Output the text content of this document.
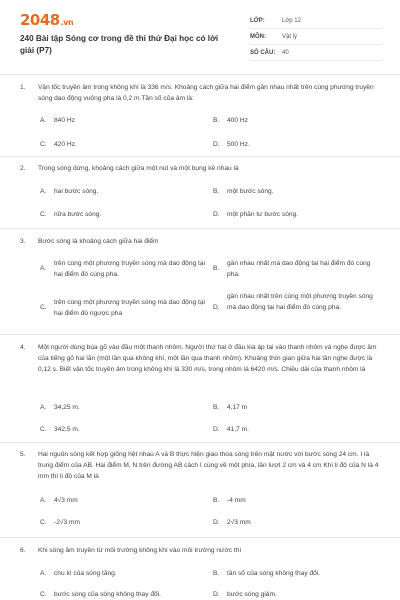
2048.vn
240 Bài tập Sóng cơ trong đề thi thử Đại học có lời giải (P7)
LỚP:	Lớp 12
MÔN:	Vật lý
SỐ CÂU:	40
1.	Vận tốc truyền âm trong không khí là 336 m/s. Khoảng cách giữa hai điểm gần nhau nhất trên cùng phương truyền sóng dao động vuông pha là 0,2 m.Tần số của âm là:
A. 840 Hz	B. 400 Hz
C. 420 Hz.	D. 500 Hz.
2.	Trong sóng dừng, khoảng cách giữa một nút và một bụng kề nhau là
A. hai bước sóng.	B. một bước sóng.
C. nửa bước sóng.	D. một phần tư bước sóng.
3.	Bước sóng là khoảng cách giữa hai điểm
A.
trên cùng một phương truyền sóng mà dao động tại hai điểm đó cùng pha.
B.
gần nhau nhất mà dao động tại hai điểm đó cùng pha.
C.
trên cùng một phương truyền sóng mà dao động tại hai điểm đó ngược pha
D.
gần nhau nhất trên cùng một phương truyền sóng mà dao động tại hai điểm đó cùng pha.
4.	Một người dùng búa gõ vào đầu một thanh nhôm. Người thứ hai ở đầu kia áp tai vào thanh nhôm và nghe được âm của tiếng gõ hai lần (một lần qua không khí, một lần qua thanh nhôm). Khoảng thời gian giữa hai lần nghe được là 0,12 s. Biết vận tốc truyền âm trong không khí là 330 m/s, trong nhôm là 6420 m/s. Chiều dài của thanh nhôm là
A. 34,25 m.	B. 4,17 m
C. 342,5 m.	D. 41,7 m.
5.	Hai nguồn sóng kết hợp giống hệt nhau A và B thực hiện giao thoa sóng trên mặt nước với bước sóng 24 cm. I là trung điểm của AB. Hai điểm M, N trên đường AB cách I cùng về một phía, lần lượt 2 cm và 4 cm Khi li độ của N là 4 mm thì li độ của M là
A. 4√3 mm	B. -4 mm
C. -2√3 mm	D. 2√3 mm
6.	Khi sóng âm truyền từ môi trường không khí vào môi trường nước thì
A. chu kì của sóng tăng.	B. tần số của sóng không thay đổi.
C. bước sóng của sóng không thay đổi.	D. bước sóng giảm.
